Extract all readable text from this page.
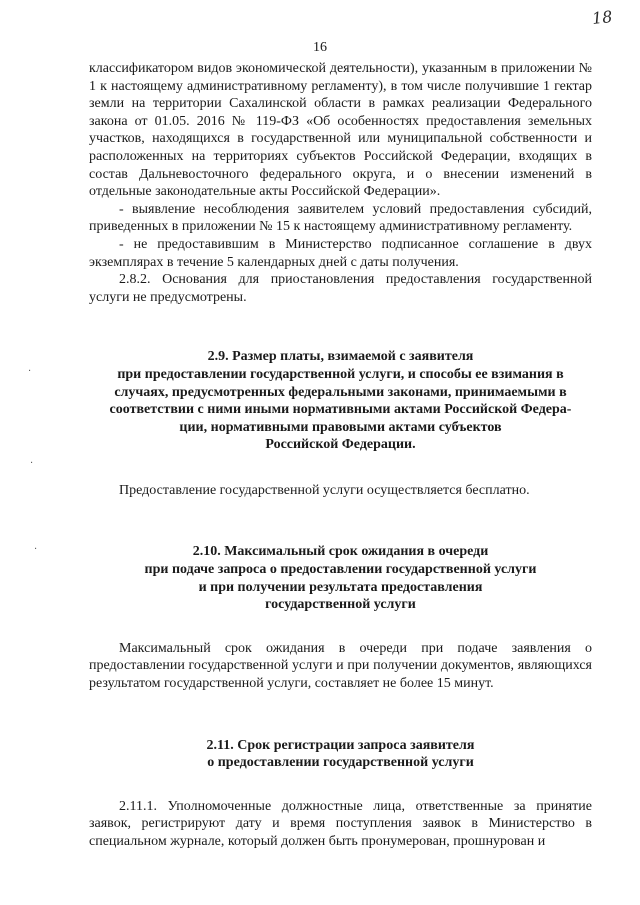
18
16
·
·
·

классификатором видов экономической деятельности), указанным в приложении № 1 к настоящему административному регламенту), в том числе получившие 1 гектар земли на территории Сахалинской области в рамках реализации Федерального закона от 01.05. 2016 № 119-ФЗ «Об особенностях предоставления земельных участков, находящихся в государственной или муниципальной собственности и расположенных на территориях субъектов Российской Федерации, входящих в состав Дальневосточного федерального округа, и о внесении изменений в отдельные законодательные акты Российской Федерации».

- выявление несоблюдения заявителем условий предоставления субсидий, приведенных в приложении № 15 к настоящему административному регламенту.

- не предоставившим в Министерство подписанное соглашение в двух экземплярах в течение 5 календарных дней с даты получения.

2.8.2. Основания для приостановления предоставления государственной услуги не предусмотрены.

2.9. Размер платы, взимаемой с заявителя
при предоставлении государственной услуги, и способы ее взимания в
случаях, предусмотренных федеральными законами, принимаемыми в
соответствии с ними иными нормативными актами Российской Федера-
ции, нормативными правовыми актами субъектов
Российской Федерации.

Предоставление государственной услуги осуществляется бесплатно.

2.10. Максимальный срок ожидания в очереди
при подаче запроса о предоставлении государственной услуги
и при получении результата предоставления
государственной услуги

Максимальный срок ожидания в очереди при подаче заявления о предоставлении государственной услуги и при получении документов, являющихся результатом государственной услуги, составляет не более 15 минут.

2.11. Срок регистрации запроса заявителя
о предоставлении государственной услуги

2.11.1. Уполномоченные должностные лица, ответственные за принятие заявок, регистрируют дату и время поступления заявок в Министерство в специальном журнале, который должен быть пронумерован, прошнурован и
